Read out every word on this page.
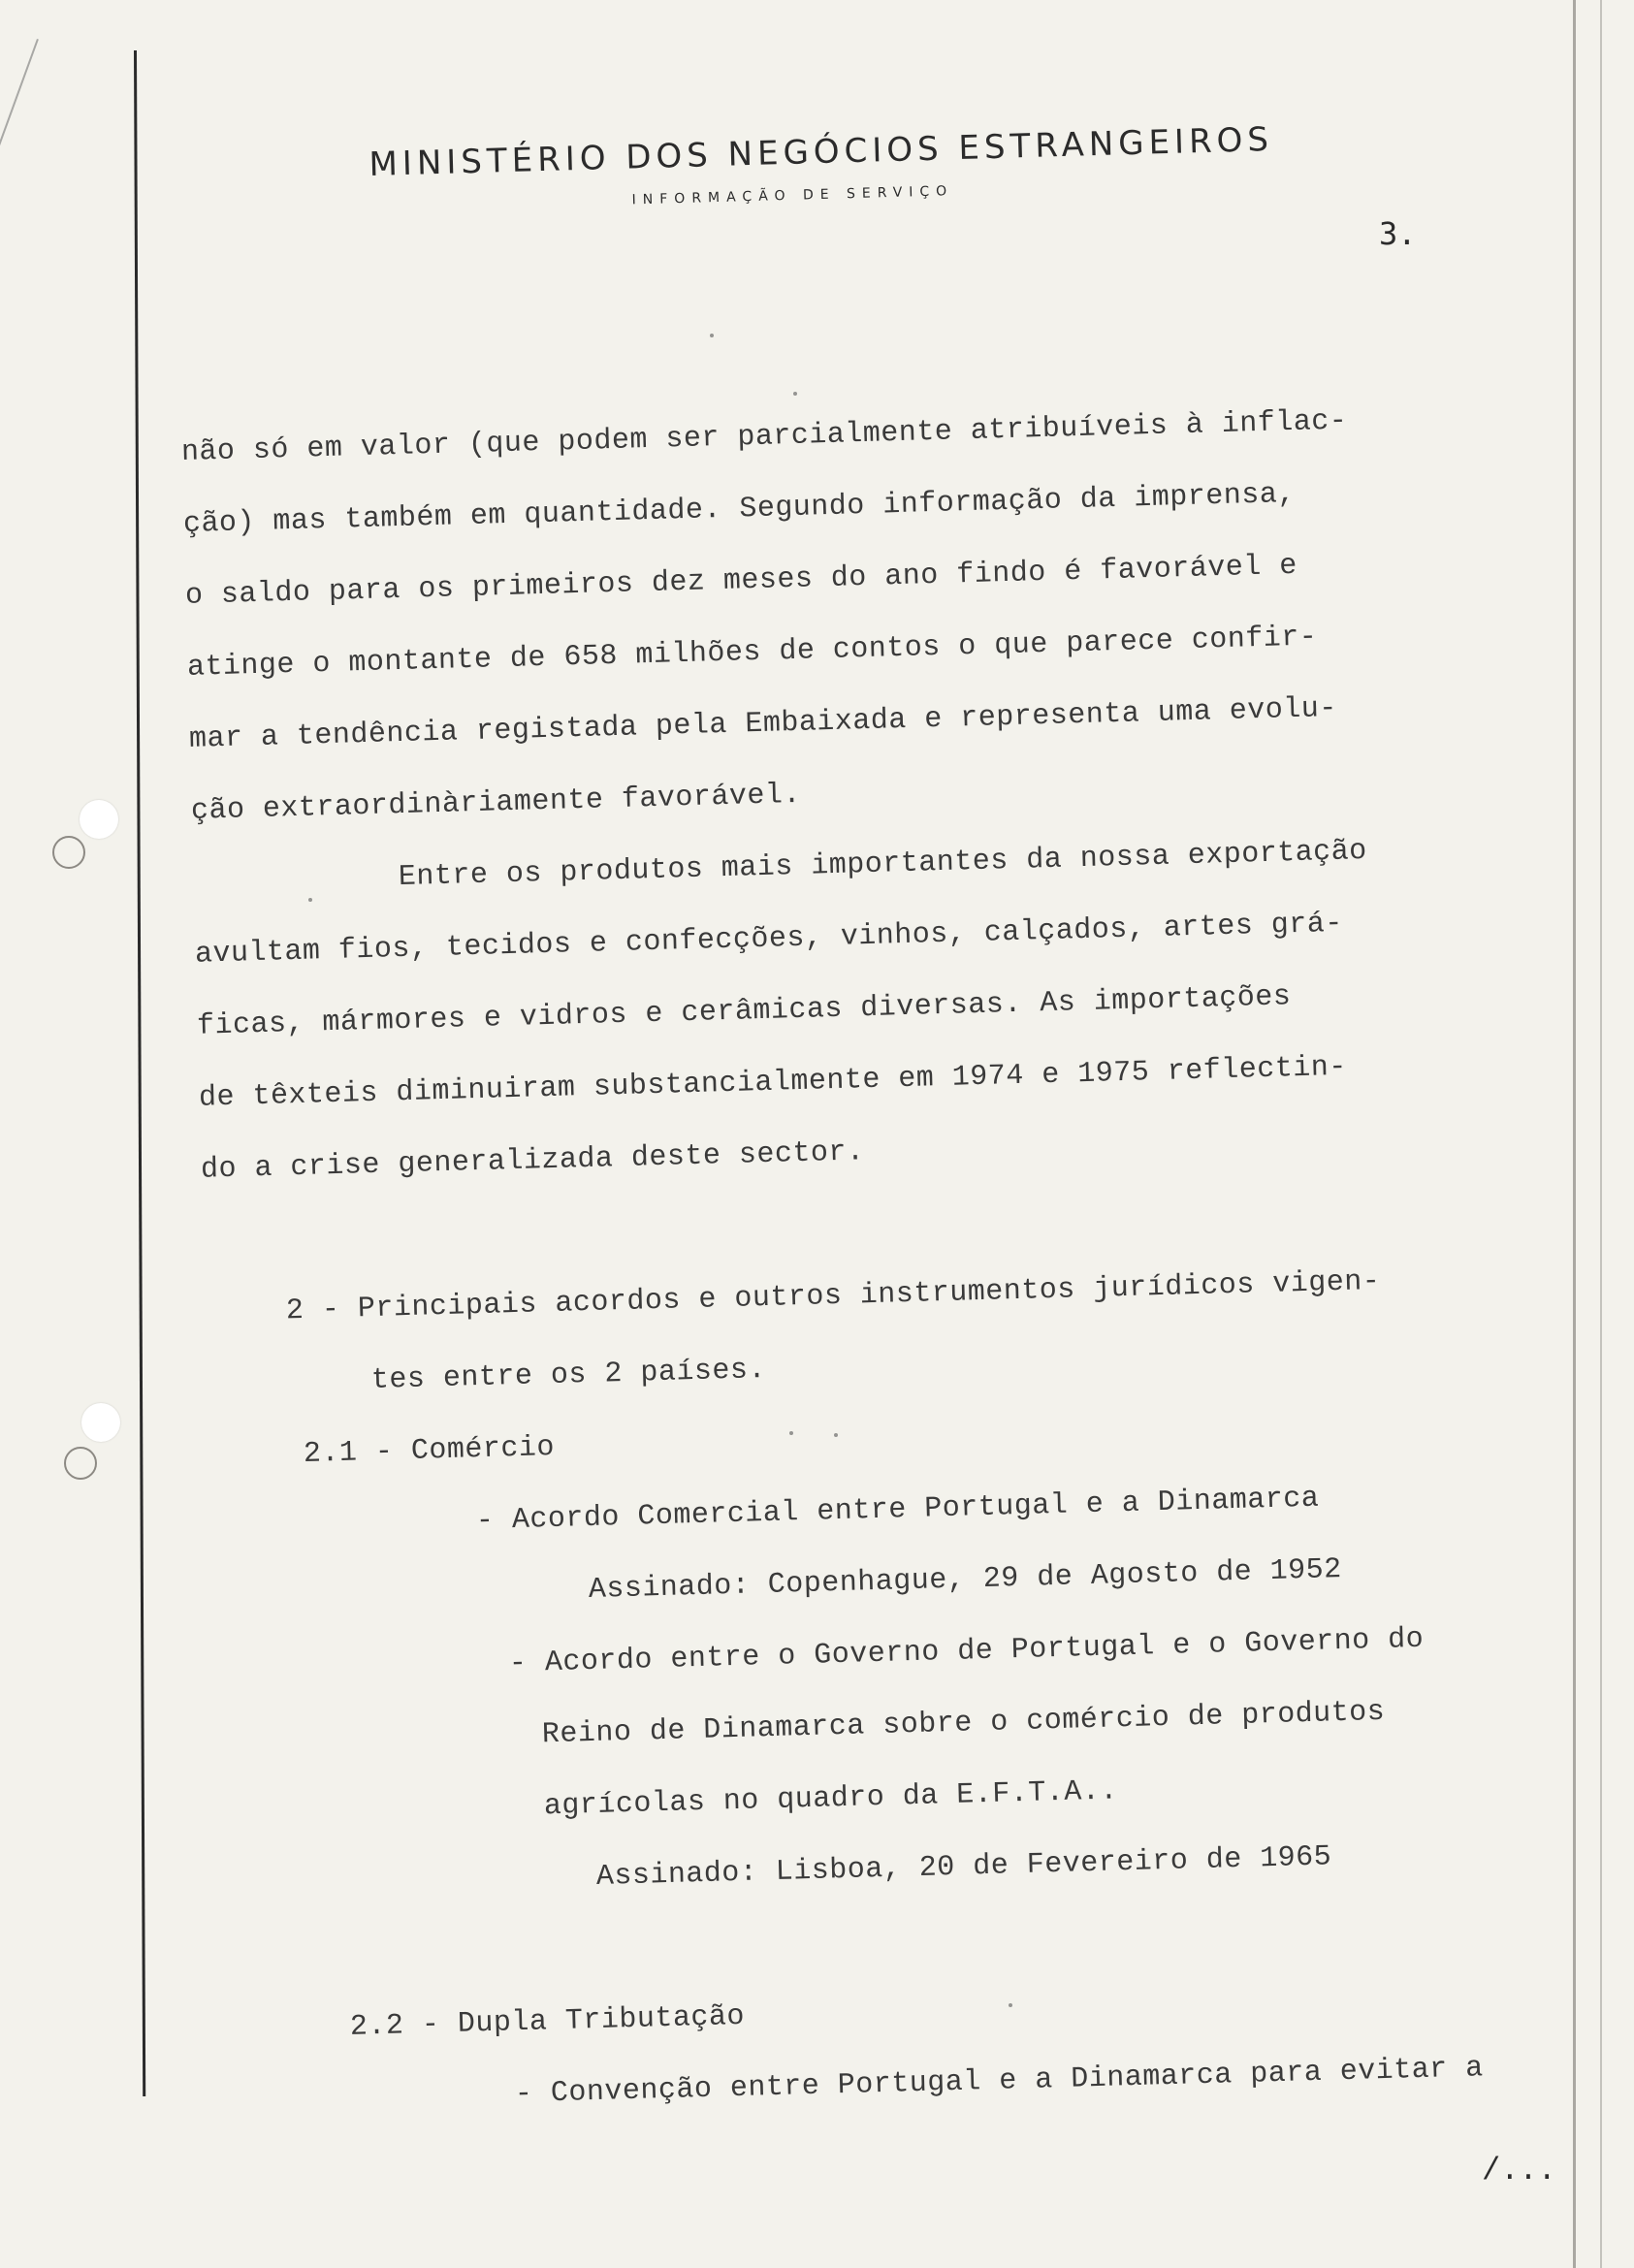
MINISTÉRIO DOS NEGÓCIOS ESTRANGEIROS
INFORMAÇÃO DE SERVIÇO
3.
não só em valor (que podem ser parcialmente atribuíveis à inflac-
ção) mas também em quantidade. Segundo informação da imprensa,
o saldo para os primeiros dez meses do ano findo é favorável e
atinge o montante de 658 milhões de contos o que parece confir-
mar a tendência registada pela Embaixada e representa uma evolu-
ção extraordinàriamente favorável.
Entre os produtos mais importantes da nossa exportação
avultam fios, tecidos e confecções, vinhos, calçados, artes grá-
ficas, mármores e vidros e cerâmicas diversas. As importações
de têxteis diminuiram substancialmente em 1974 e 1975 reflectin-
do a crise generalizada deste sector.
2 - Principais acordos e outros instrumentos jurídicos vigen-
tes entre os 2 países.
2.1 - Comércio
- Acordo Comercial entre Portugal e a Dinamarca
Assinado: Copenhague, 29 de Agosto de 1952
- Acordo entre o Governo de Portugal e o Governo do
Reino de Dinamarca sobre o comércio de produtos
agrícolas no quadro da E.F.T.A..
Assinado: Lisboa, 20 de Fevereiro de 1965
2.2 - Dupla Tributação
- Convenção entre Portugal e a Dinamarca para evitar a
/...
